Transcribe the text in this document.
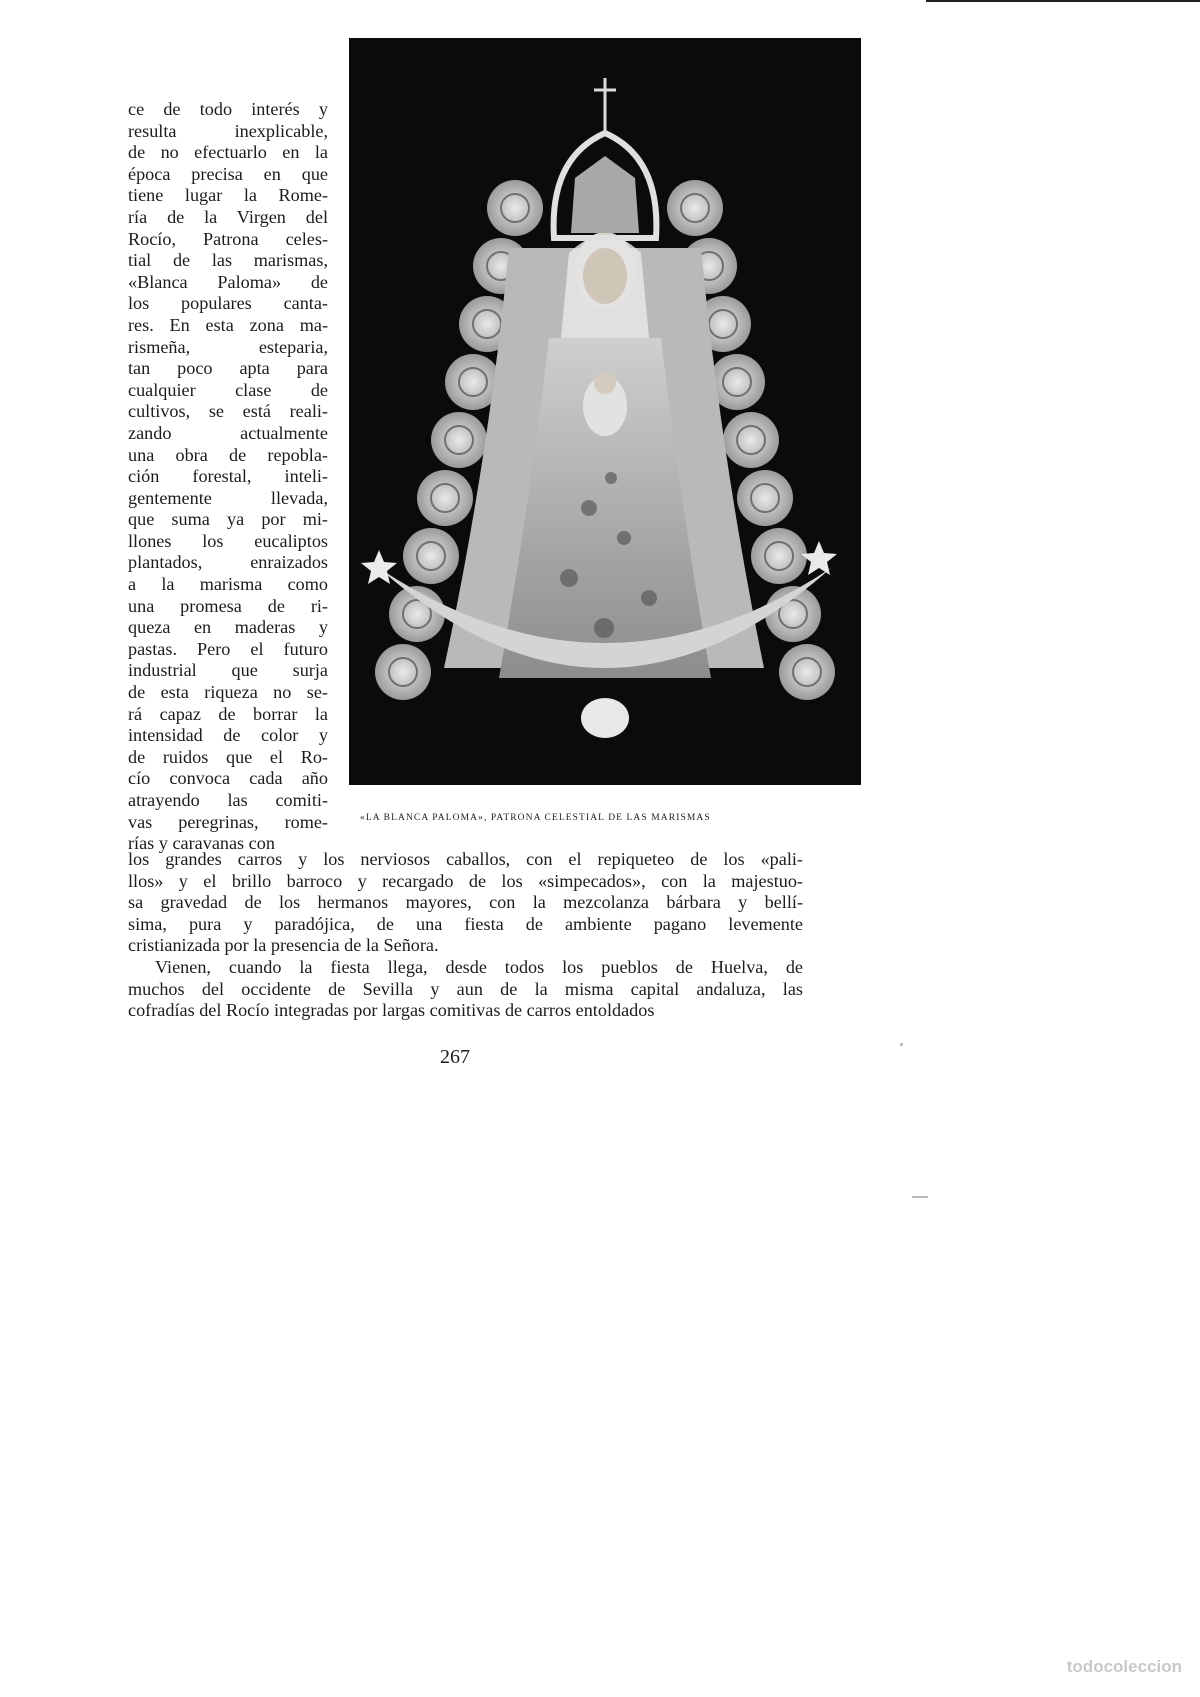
ce de todo interés y
resulta inexplicable,
de no efectuarlo en la
época precisa en que
tiene lugar la Rome-
ría de la Virgen del
Rocío, Patrona celes-
tial de las marismas,
«Blanca Paloma» de
los populares canta-
res. En esta zona ma-
rismeña, esteparia,
tan poco apta para
cualquier clase de
cultivos, se está reali-
zando actualmente
una obra de repobla-
ción forestal, inteli-
gentemente llevada,
que suma ya por mi-
llones los eucaliptos
plantados, enraizados
a la marisma como
una promesa de ri-
queza en maderas y
pastas. Pero el futuro
industrial que surja
de esta riqueza no se-
rá capaz de borrar la
intensidad de color y
de ruidos que el Ro-
cío convoca cada año
atrayendo las comiti-
vas peregrinas, rome-
rías y caravanas con
«LA BLANCA PALOMA», PATRONA CELESTIAL DE LAS MARISMAS
los grandes carros y los nerviosos caballos, con el repiqueteo de los «pali-
llos» y el brillo barroco y recargado de los «simpecados», con la majestuo-
sa gravedad de los hermanos mayores, con la mezcolanza bárbara y bellí-
sima, pura y paradójica, de una fiesta de ambiente pagano levemente
cristianizada por la presencia de la Señora.
Vienen, cuando la fiesta llega, desde todos los pueblos de Huelva, de
muchos del occidente de Sevilla y aun de la misma capital andaluza, las
cofradías del Rocío integradas por largas comitivas de carros entoldados
267
todocoleccion
